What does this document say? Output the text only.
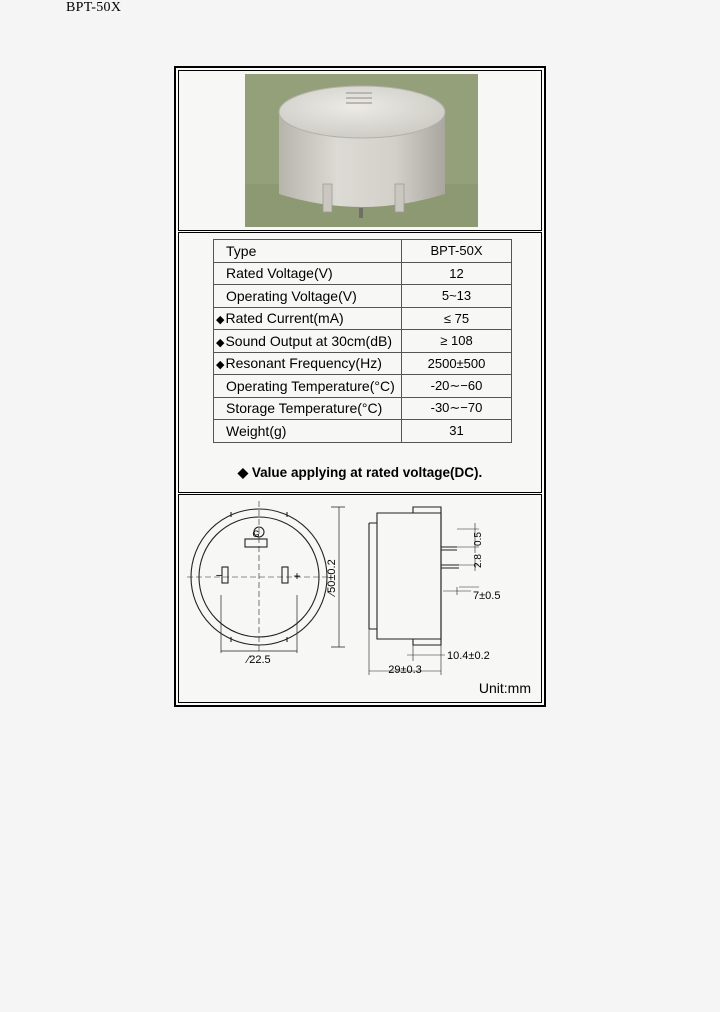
BPT-50X
Type	BPT-50X
Rated Voltage(V)	12
Operating Voltage(V)	5~13
◆Rated Current(mA)	≤ 75
◆Sound Output at 30cm(dB)	≥ 108
◆Resonant Frequency(Hz)	2500±500
Operating Temperature(°C)	-20∼−60
Storage Temperature(°C)	-30∼−70
Weight(g)	31
◆ Value applying at rated voltage(DC).
G
−	+ ∕50±0.2
∕22.5
0.5
2.8
7±0.5
10.4±0.2
29±0.3
Unit:mm
